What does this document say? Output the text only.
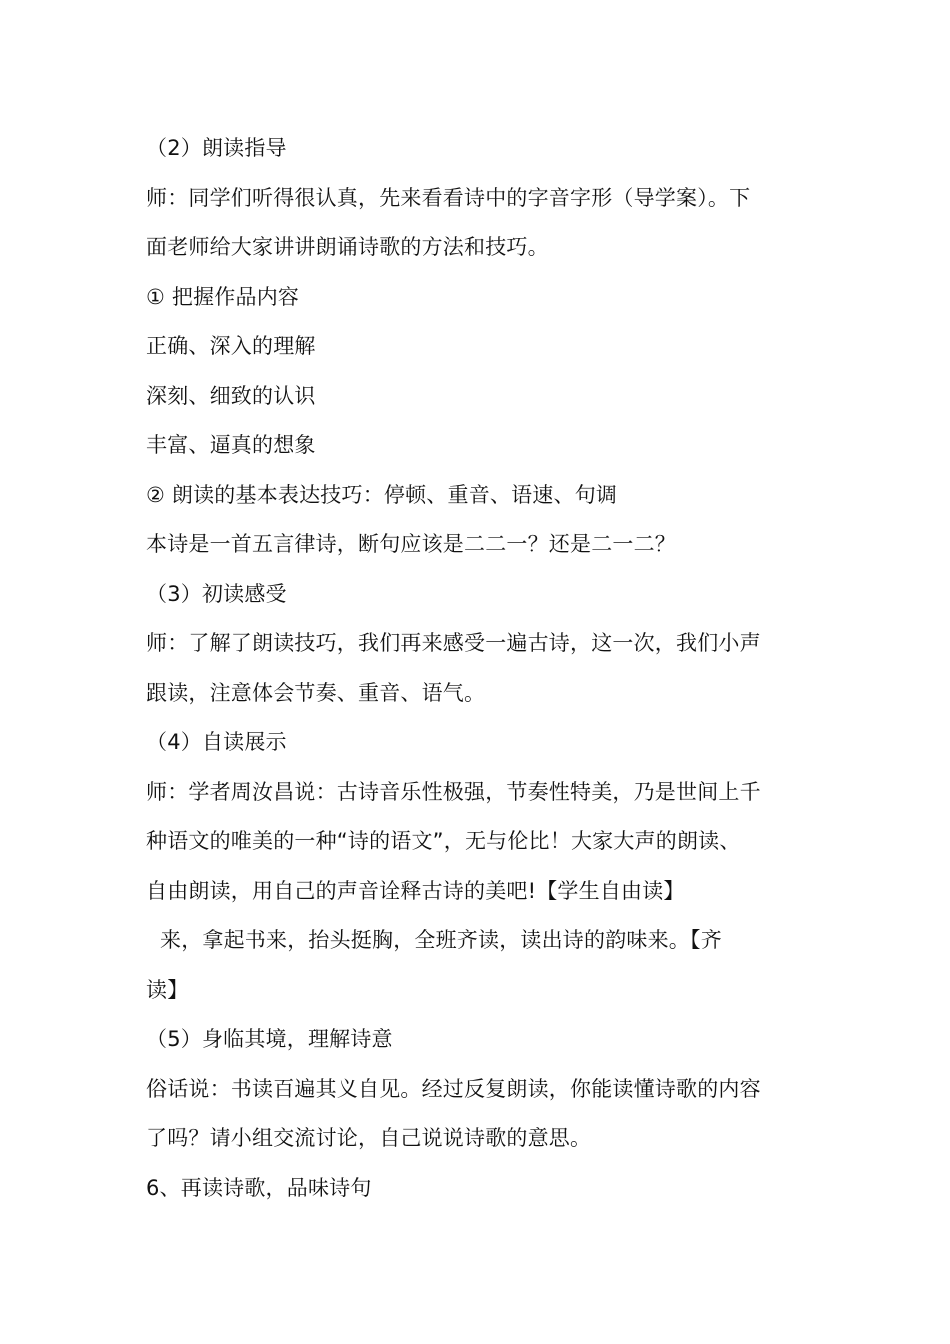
（2）朗读指导
师：同学们听得很认真，先来看看诗中的字音字形（导学案）。下
面老师给大家讲讲朗诵诗歌的方法和技巧。
① 把握作品内容
正确、深入的理解
深刻、细致的认识
丰富、逼真的想象
② 朗读的基本表达技巧：停顿、重音、语速、句调
本诗是一首五言律诗，断句应该是二二一？还是二一二？
（3）初读感受
师：了解了朗读技巧，我们再来感受一遍古诗，这一次，我们小声
跟读，注意体会节奏、重音、语气。
（4）自读展示
师：学者周汝昌说：古诗音乐性极强，节奏性特美，乃是世间上千
种语文的唯美的一种“诗的语文”，无与伦比！大家大声的朗读、
自由朗读，用自己的声音诠释古诗的美吧!【学生自由读】
来，拿起书来，抬头挺胸，全班齐读，读出诗的韵味来。【齐
读】
（5）身临其境，理解诗意
俗话说：书读百遍其义自见。经过反复朗读，你能读懂诗歌的内容
了吗？请小组交流讨论，自己说说诗歌的意思。
6、再读诗歌，品味诗句
